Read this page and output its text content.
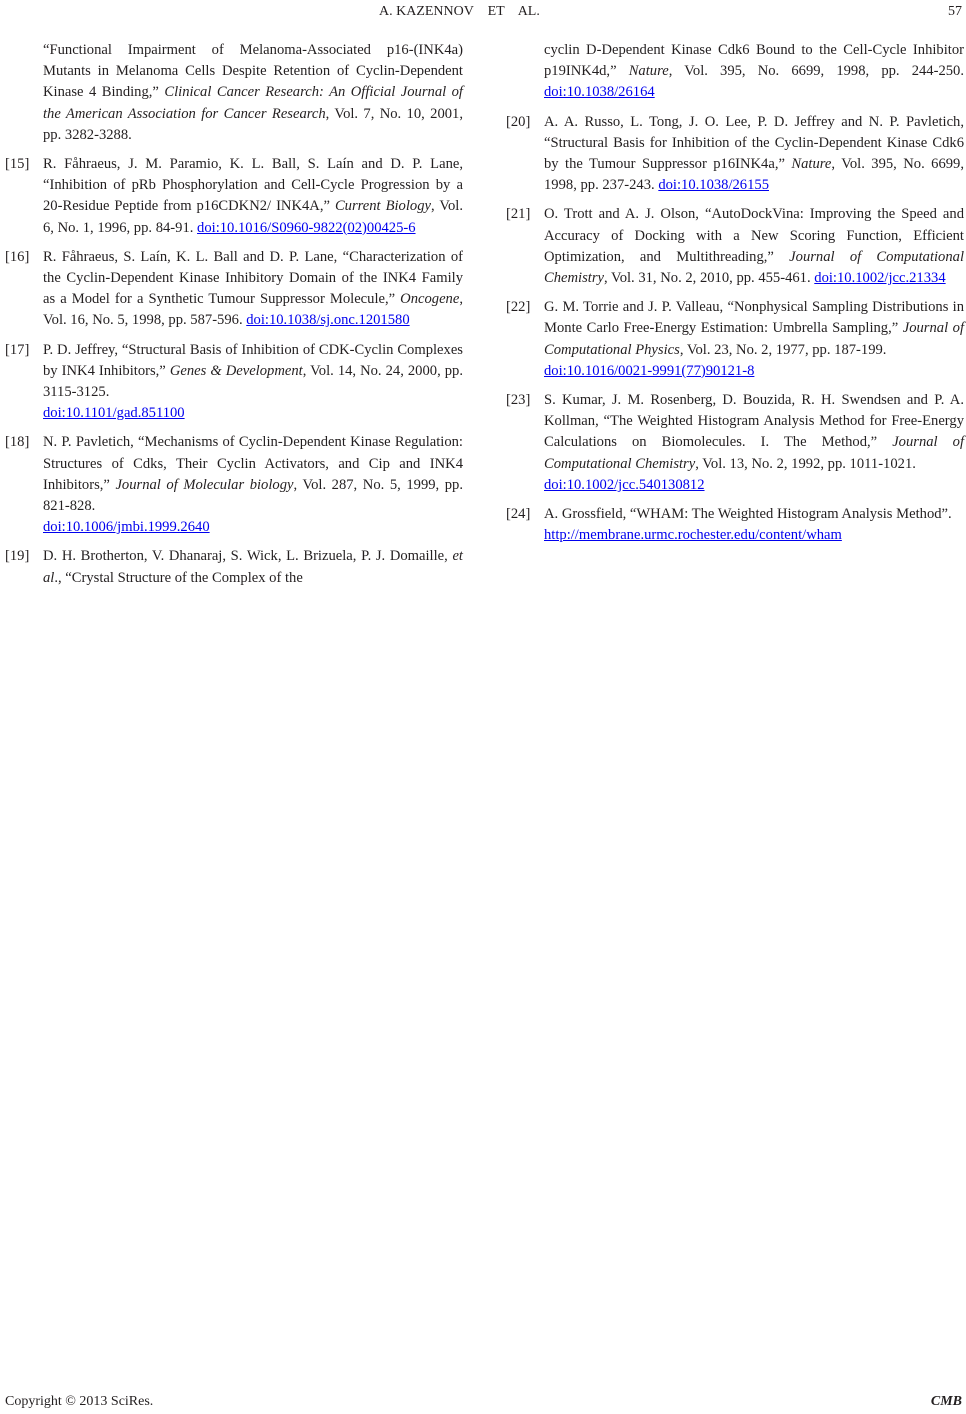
A. KAZENNOV    ET    AL.	57
“Functional Impairment of Melanoma-Associated p16-(INK4a) Mutants in Melanoma Cells Despite Retention of Cyclin-Dependent Kinase 4 Binding,” Clinical Cancer Research: An Official Journal of the American Association for Cancer Research, Vol. 7, No. 10, 2001, pp. 3282-3288.
[15] R. Fåhraeus, J. M. Paramio, K. L. Ball, S. Laín and D. P. Lane, “Inhibition of pRb Phosphorylation and Cell-Cycle Progression by a 20-Residue Peptide from p16CDKN2/ INK4A,” Current Biology, Vol. 6, No. 1, 1996, pp. 84-91. doi:10.1016/S0960-9822(02)00425-6
[16] R. Fåhraeus, S. Laín, K. L. Ball and D. P. Lane, “Characterization of the Cyclin-Dependent Kinase Inhibitory Domain of the INK4 Family as a Model for a Synthetic Tumour Suppressor Molecule,” Oncogene, Vol. 16, No. 5, 1998, pp. 587-596. doi:10.1038/sj.onc.1201580
[17] P. D. Jeffrey, “Structural Basis of Inhibition of CDK-Cyclin Complexes by INK4 Inhibitors,” Genes & Development, Vol. 14, No. 24, 2000, pp. 3115-3125.
doi:10.1101/gad.851100
[18] N. P. Pavletich, “Mechanisms of Cyclin-Dependent Kinase Regulation: Structures of Cdks, Their Cyclin Activators, and Cip and INK4 Inhibitors,” Journal of Molecular biology, Vol. 287, No. 5, 1999, pp. 821-828.
doi:10.1006/jmbi.1999.2640
[19] D. H. Brotherton, V. Dhanaraj, S. Wick, L. Brizuela, P. J. Domaille, et al., “Crystal Structure of the Complex of the
cyclin D-Dependent Kinase Cdk6 Bound to the Cell-Cycle Inhibitor p19INK4d,” Nature, Vol. 395, No. 6699, 1998, pp. 244-250. doi:10.1038/26164
[20] A. A. Russo, L. Tong, J. O. Lee, P. D. Jeffrey and N. P. Pavletich, “Structural Basis for Inhibition of the Cyclin-Dependent Kinase Cdk6 by the Tumour Suppressor p16INK4a,” Nature, Vol. 395, No. 6699, 1998, pp. 237-243. doi:10.1038/26155
[21] O. Trott and A. J. Olson, “AutoDockVina: Improving the Speed and Accuracy of Docking with a New Scoring Function, Efficient Optimization, and Multithreading,” Journal of Computational Chemistry, Vol. 31, No. 2, 2010, pp. 455-461. doi:10.1002/jcc.21334
[22] G. M. Torrie and J. P. Valleau, “Nonphysical Sampling Distributions in Monte Carlo Free-Energy Estimation: Umbrella Sampling,” Journal of Computational Physics, Vol. 23, No. 2, 1977, pp. 187-199.
doi:10.1016/0021-9991(77)90121-8
[23] S. Kumar, J. M. Rosenberg, D. Bouzida, R. H. Swendsen and P. A. Kollman, “The Weighted Histogram Analysis Method for Free-Energy Calculations on Biomolecules. I. The Method,” Journal of Computational Chemistry, Vol. 13, No. 2, 1992, pp. 1011-1021.
doi:10.1002/jcc.540130812
[24] A. Grossfield, “WHAM: The Weighted Histogram Analysis Method”.
http://membrane.urmc.rochester.edu/content/wham
Copyright © 2013 SciRes.	CMB
